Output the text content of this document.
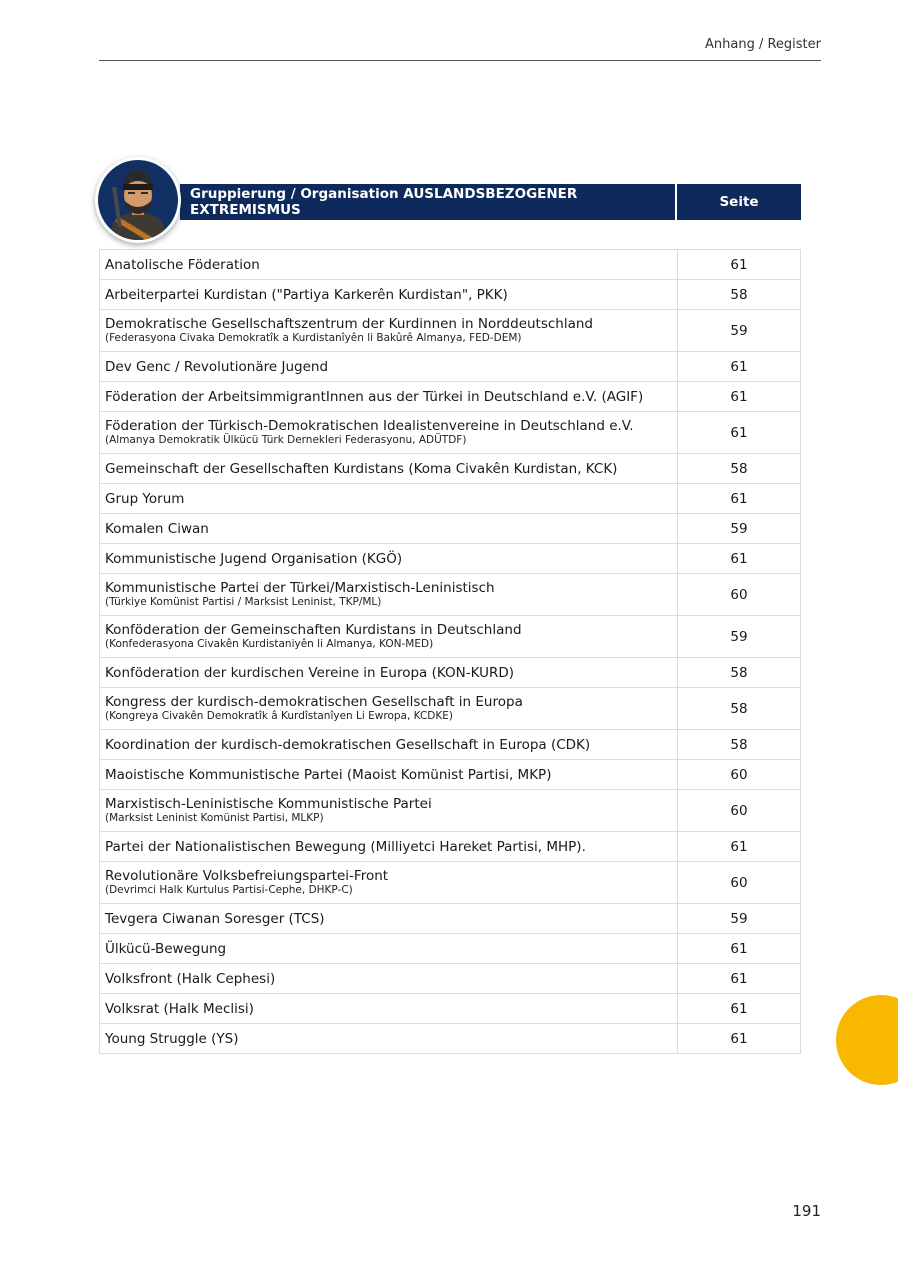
Anhang / Register
Gruppierung / Organisation AUSLANDSBEZOGENER EXTREMISMUS	Seite
Anatolische Föderation	61
Arbeiterpartei Kurdistan ("Partiya Karkerên Kurdistan", PKK)	58
Demokratische Gesellschaftszentrum der Kurdinnen in Norddeutschland
(Federasyona Civaka Demokratîk a Kurdistanîyên li Bakûrê Almanya, FED-DEM)	59
Dev Genc / Revolutionäre Jugend	61
Föderation der ArbeitsimmigrantInnen aus der Türkei in Deutschland e.V. (AGIF)	61
Föderation der Türkisch-Demokratischen Idealistenvereine in Deutschland e.V.
(Almanya Demokratik Ülkücü Türk Dernekleri Federasyonu, ADÜTDF)	61
Gemeinschaft der Gesellschaften Kurdistans (Koma Civakên Kurdistan, KCK)	58
Grup Yorum	61
Komalen Ciwan	59
Kommunistische Jugend Organisation (KGÖ)	61
Kommunistische Partei der Türkei/Marxistisch-Leninistisch
(Türkiye Komünist Partisi / Marksist Leninist, TKP/ML)	60
Konföderation der Gemeinschaften Kurdistans in Deutschland
(Konfederasyona Civakên Kurdistaniyên li Almanya, KON-MED)	59
Konföderation der kurdischen Vereine in Europa (KON-KURD)	58
Kongress der kurdisch-demokratischen Gesellschaft in Europa
(Kongreya Civakên Demokratîk â Kurdîstanîyen Li Ewropa, KCDKE)	58
Koordination der kurdisch-demokratischen Gesellschaft in Europa (CDK)	58
Maoistische Kommunistische Partei (Maoist Komünist Partisi, MKP)	60
Marxistisch-Leninistische Kommunistische Partei
(Marksist Leninist Komünist Partisi, MLKP)	60
Partei der Nationalistischen Bewegung (Milliyetci Hareket Partisi, MHP).	61
Revolutionäre Volksbefreiungspartei-Front
(Devrimci Halk Kurtulus Partisi-Cephe, DHKP-C)	60
Tevgera Ciwanan Soresger (TCS)	59
Ülkücü-Bewegung	61
Volksfront (Halk Cephesi)	61
Volksrat (Halk Meclisi)	61
Young Struggle (YS)	61
191
